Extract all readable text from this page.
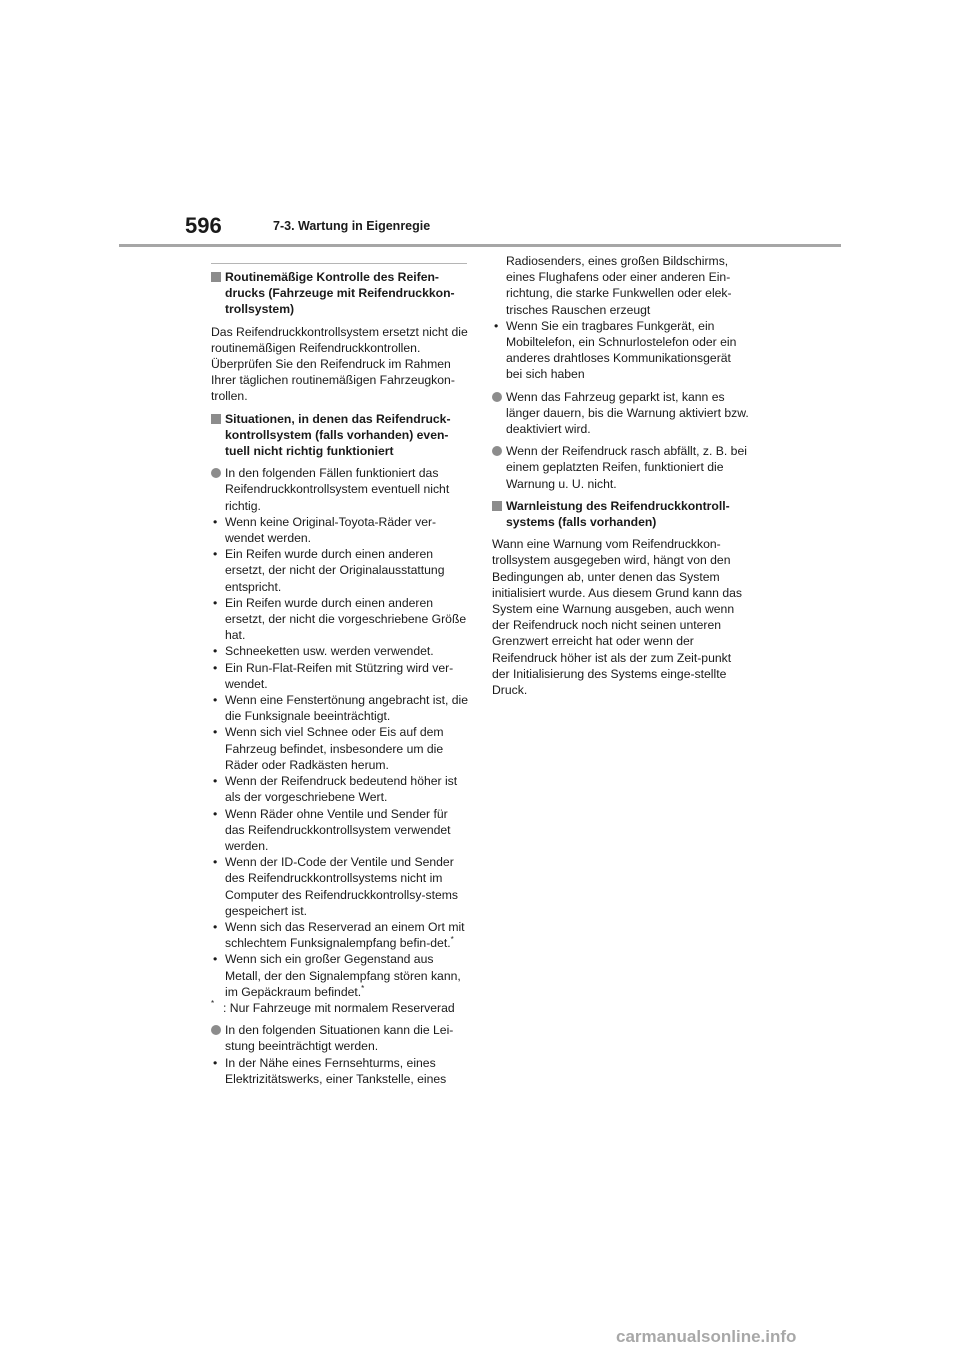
596	7-3. Wartung in Eigenregie
Routinemäßige Kontrolle des Reifen-drucks (Fahrzeuge mit Reifendruckkon-trollsystem)
Das Reifendruckkontrollsystem ersetzt nicht die routinemäßigen Reifendruckkontrollen. Überprüfen Sie den Reifendruck im Rahmen Ihrer täglichen routinemäßigen Fahrzeugkon-trollen.
Situationen, in denen das Reifendruck-kontrollsystem (falls vorhanden) even-tuell nicht richtig funktioniert
In den folgenden Fällen funktioniert das Reifendruckkontrollsystem eventuell nicht richtig.
• Wenn keine Original-Toyota-Räder ver-wendet werden.
• Ein Reifen wurde durch einen anderen ersetzt, der nicht der Originalausstattung entspricht.
• Ein Reifen wurde durch einen anderen ersetzt, der nicht die vorgeschriebene Größe hat.
• Schneeketten usw. werden verwendet.
• Ein Run-Flat-Reifen mit Stützring wird ver-wendet.
• Wenn eine Fenstertönung angebracht ist, die die Funksignale beeinträchtigt.
• Wenn sich viel Schnee oder Eis auf dem Fahrzeug befindet, insbesondere um die Räder oder Radkästen herum.
• Wenn der Reifendruck bedeutend höher ist als der vorgeschriebene Wert.
• Wenn Räder ohne Ventile und Sender für das Reifendruckkontrollsystem verwendet werden.
• Wenn der ID-Code der Ventile und Sender des Reifendruckkontrollsystems nicht im Computer des Reifendruckkontrollsy-stems gespeichert ist.
• Wenn sich das Reserverad an einem Ort mit schlechtem Funksignalempfang befin-det.*
• Wenn sich ein großer Gegenstand aus Metall, der den Signalempfang stören kann, im Gepäckraum befindet.*
* : Nur Fahrzeuge mit normalem Reserverad
In den folgenden Situationen kann die Lei-stung beeinträchtigt werden.
• In der Nähe eines Fernsehturms, eines Elektrizitätswerks, einer Tankstelle, eines
Radiosenders, eines großen Bildschirms, eines Flughafens oder einer anderen Ein-richtung, die starke Funkwellen oder elek-trisches Rauschen erzeugt
• Wenn Sie ein tragbares Funkgerät, ein Mobiltelefon, ein Schnurlostelefon oder ein anderes drahtloses Kommunikationsgerät bei sich haben
Wenn das Fahrzeug geparkt ist, kann es länger dauern, bis die Warnung aktiviert bzw. deaktiviert wird.
Wenn der Reifendruck rasch abfällt, z. B. bei einem geplatzten Reifen, funktioniert die Warnung u. U. nicht.
Warnleistung des Reifendruckkontroll-systems (falls vorhanden)
Wann eine Warnung vom Reifendruckkon-trollsystem ausgegeben wird, hängt von den Bedingungen ab, unter denen das System initialisiert wurde. Aus diesem Grund kann das System eine Warnung ausgeben, auch wenn der Reifendruck noch nicht seinen unteren Grenzwert erreicht hat oder wenn der Reifendruck höher ist als der zum Zeit-punkt der Initialisierung des Systems einge-stellte Druck.
carmanualsonline.info
